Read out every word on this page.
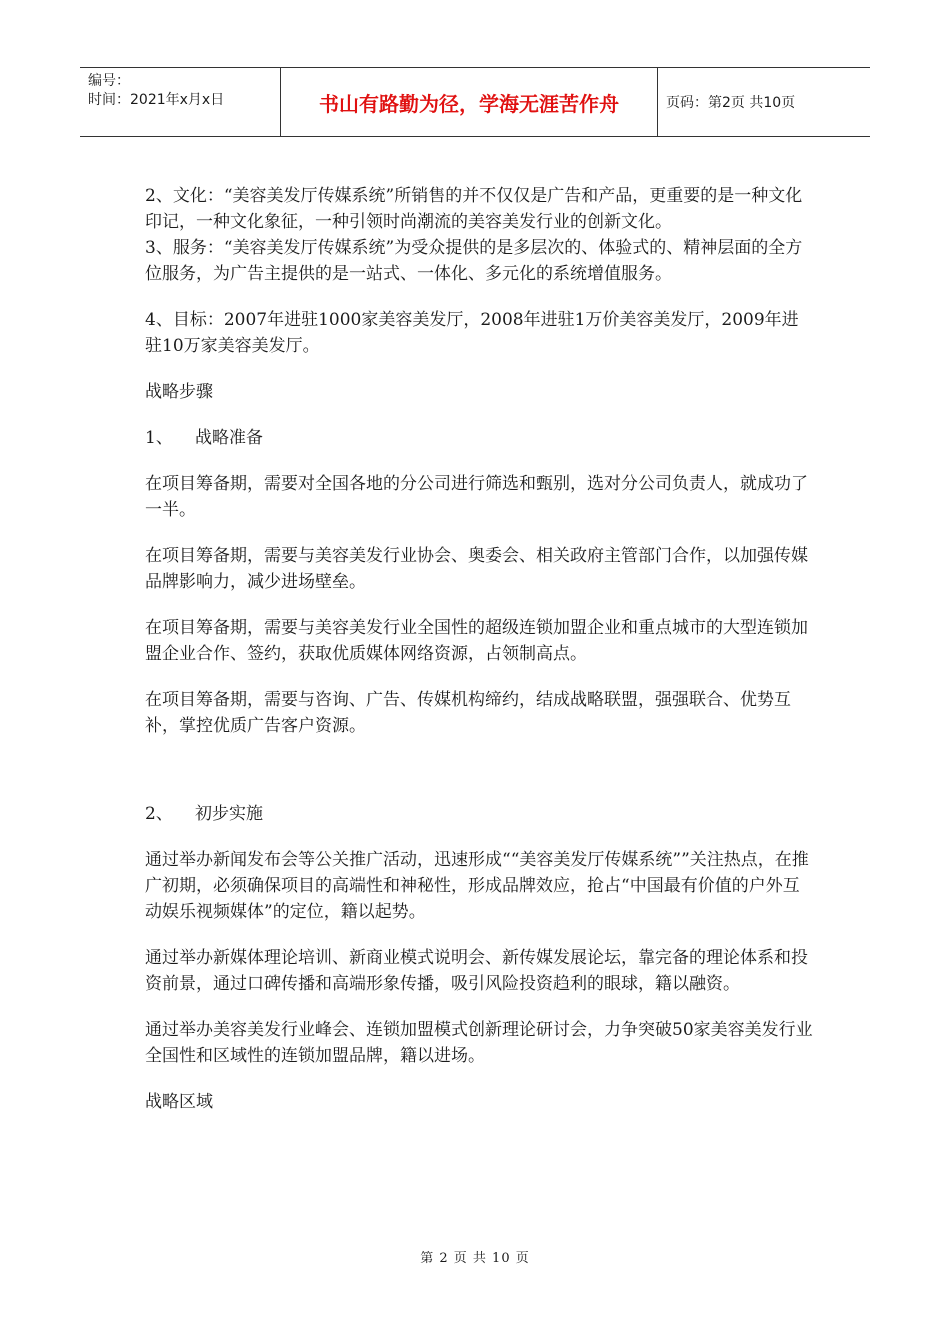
编号：
时间：2021年x月x日	书山有路勤为径，学海无涯苦作舟	页码：第2页 共10页

2、文化：“美容美发厅传媒系统”所销售的并不仅仅是广告和产品，更重要的是一种文化印记，一种文化象征，一种引领时尚潮流的美容美发行业的创新文化。

3、服务：“美容美发厅传媒系统”为受众提供的是多层次的、体验式的、精神层面的全方位服务，为广告主提供的是一站式、一体化、多元化的系统增值服务。

4、目标：2007年进驻1000家美容美发厅，2008年进驻1万价美容美发厅，2009年进驻10万家美容美发厅。

战略步骤

1、	战略准备

在项目筹备期，需要对全国各地的分公司进行筛选和甄别，选对分公司负责人，就成功了一半。

在项目筹备期，需要与美容美发行业协会、奥委会、相关政府主管部门合作，以加强传媒品牌影响力，减少进场壁垒。

在项目筹备期，需要与美容美发行业全国性的超级连锁加盟企业和重点城市的大型连锁加盟企业合作、签约，获取优质媒体网络资源，占领制高点。

在项目筹备期，需要与咨询、广告、传媒机构缔约，结成战略联盟，强强联合、优势互补，掌控优质广告客户资源。

2、	初步实施

通过举办新闻发布会等公关推广活动，迅速形成““美容美发厅传媒系统””关注热点，在推广初期，必须确保项目的高端性和神秘性，形成品牌效应，抢占“中国最有价值的户外互动娱乐视频媒体”的定位，籍以起势。

通过举办新媒体理论培训、新商业模式说明会、新传媒发展论坛，靠完备的理论体系和投资前景，通过口碑传播和高端形象传播，吸引风险投资趋利的眼球，籍以融资。

通过举办美容美发行业峰会、连锁加盟模式创新理论研讨会，力争突破50家美容美发行业全国性和区域性的连锁加盟品牌，籍以进场。

战略区域

第 2 页 共 10 页
